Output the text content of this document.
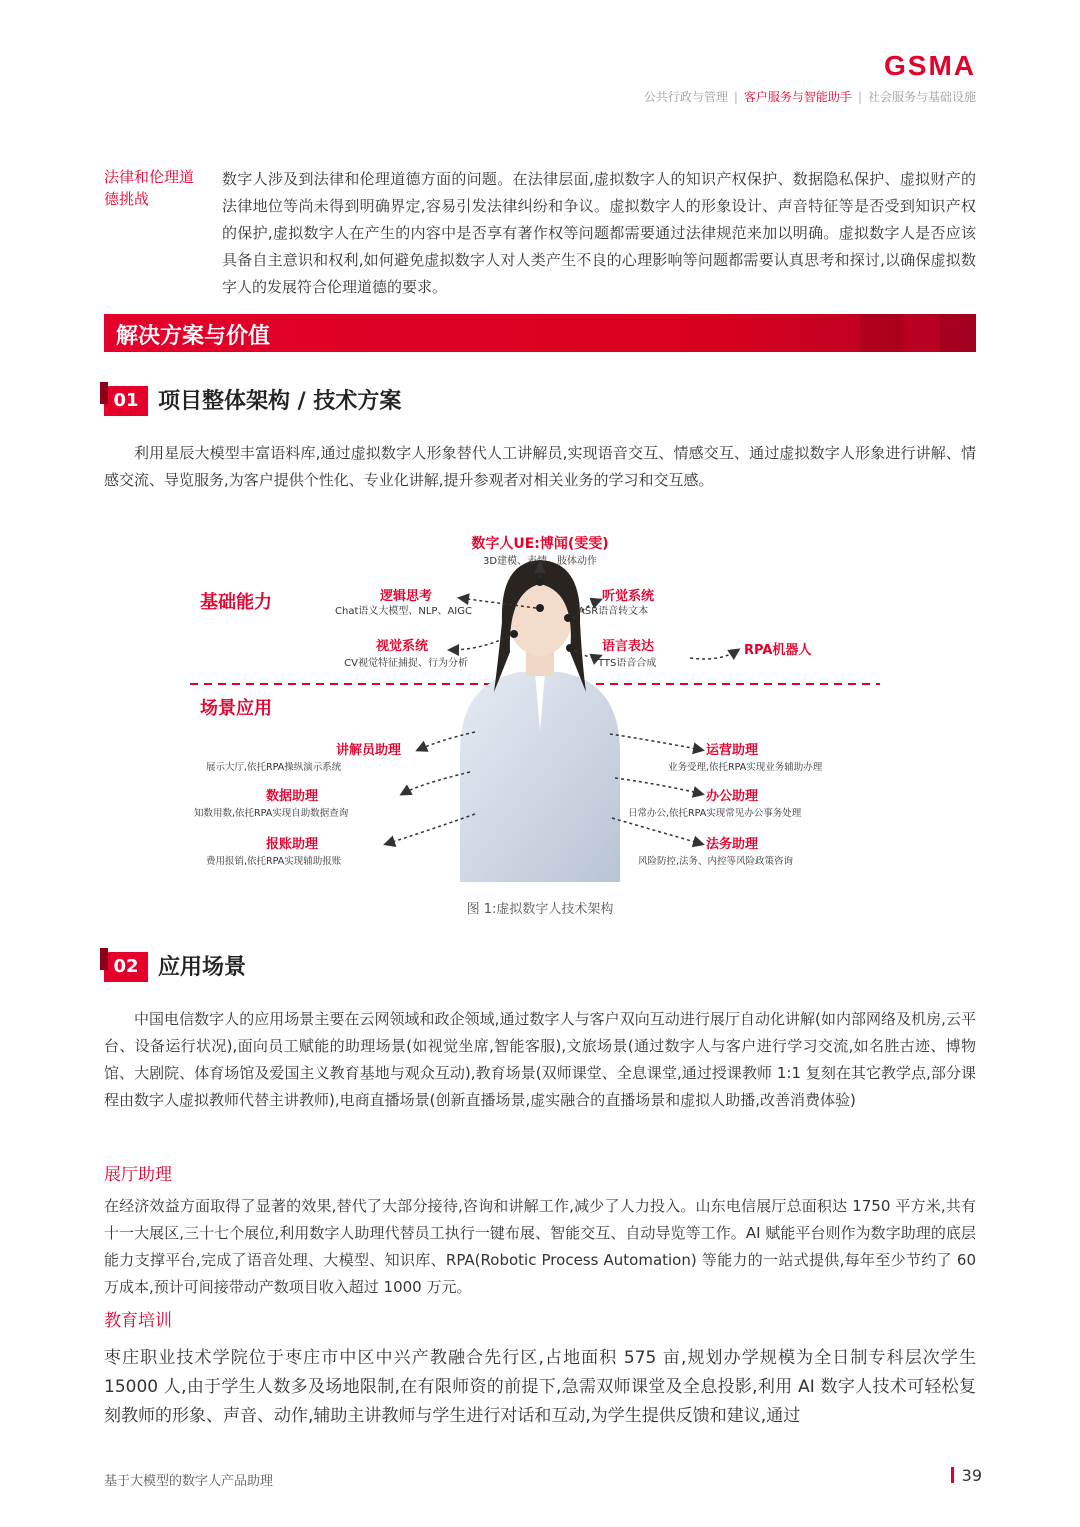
GSMA
公共行政与管理 | 客户服务与智能助手 | 社会服务与基础设施
法律和伦理道德挑战
数字人涉及到法律和伦理道德方面的问题。在法律层面,虚拟数字人的知识产权保护、数据隐私保护、虚拟财产的法律地位等尚未得到明确界定,容易引发法律纠纷和争议。虚拟数字人的形象设计、声音特征等是否受到知识产权的保护,虚拟数字人在产生的内容中是否享有著作权等问题都需要通过法律规范来加以明确。虚拟数字人是否应该具备自主意识和权利,如何避免虚拟数字人对人类产生不良的心理影响等问题都需要认真思考和探讨,以确保虚拟数字人的发展符合伦理道德的要求。
解决方案与价值
01 项目整体架构 / 技术方案
利用星辰大模型丰富语料库,通过虚拟数字人形象替代人工讲解员,实现语音交互、情感交互、通过虚拟数字人形象进行讲解、情感交流、导览服务,为客户提供个性化、专业化讲解,提升参观者对相关业务的学习和交互感。
数字人UE:博闻(雯雯)
3D建模、表情、肢体动作
基础能力
场景应用
逻辑思考
Chat语义大模型、NLP、AIGC
听觉系统
ASR语音转文本
视觉系统
CV视觉特征捕捉、行为分析
语言表达
TTS语音合成
RPA机器人
讲解员助理
展示大厅,依托RPA操纵演示系统
数据助理
知数用数,依托RPA实现自助数据查询
报账助理
费用报销,依托RPA实现辅助报账
运营助理
业务受理,依托RPA实现业务辅助办理
办公助理
日常办公,依托RPA实现常见办公事务处理
法务助理
风险防控,法务、内控等风险政策咨询
图 1:虚拟数字人技术架构
02 应用场景
中国电信数字人的应用场景主要在云网领域和政企领域,通过数字人与客户双向互动进行展厅自动化讲解(如内部网络及机房,云平台、设备运行状况),面向员工赋能的助理场景(如视觉坐席,智能客服),文旅场景(通过数字人与客户进行学习交流,如名胜古迹、博物馆、大剧院、体育场馆及爱国主义教育基地与观众互动),教育场景(双师课堂、全息课堂,通过授课教师 1:1 复刻在其它教学点,部分课程由数字人虚拟教师代替主讲教师),电商直播场景(创新直播场景,虚实融合的直播场景和虚拟人助播,改善消费体验)
展厅助理
在经济效益方面取得了显著的效果,替代了大部分接待,咨询和讲解工作,减少了人力投入。山东电信展厅总面积达 1750 平方米,共有十一大展区,三十七个展位,利用数字人助理代替员工执行一键布展、智能交互、自动导览等工作。AI 赋能平台则作为数字助理的底层能力支撑平台,完成了语音处理、大模型、知识库、RPA(Robotic Process Automation) 等能力的一站式提供,每年至少节约了 60 万成本,预计可间接带动产数项目收入超过 1000 万元。
教育培训
枣庄职业技术学院位于枣庄市中区中兴产教融合先行区,占地面积 575 亩,规划办学规模为全日制专科层次学生 15000 人,由于学生人数多及场地限制,在有限师资的前提下,急需双师课堂及全息投影,利用 AI 数字人技术可轻松复刻教师的形象、声音、动作,辅助主讲教师与学生进行对话和互动,为学生提供反馈和建议,通过
基于大模型的数字人产品助理	39
